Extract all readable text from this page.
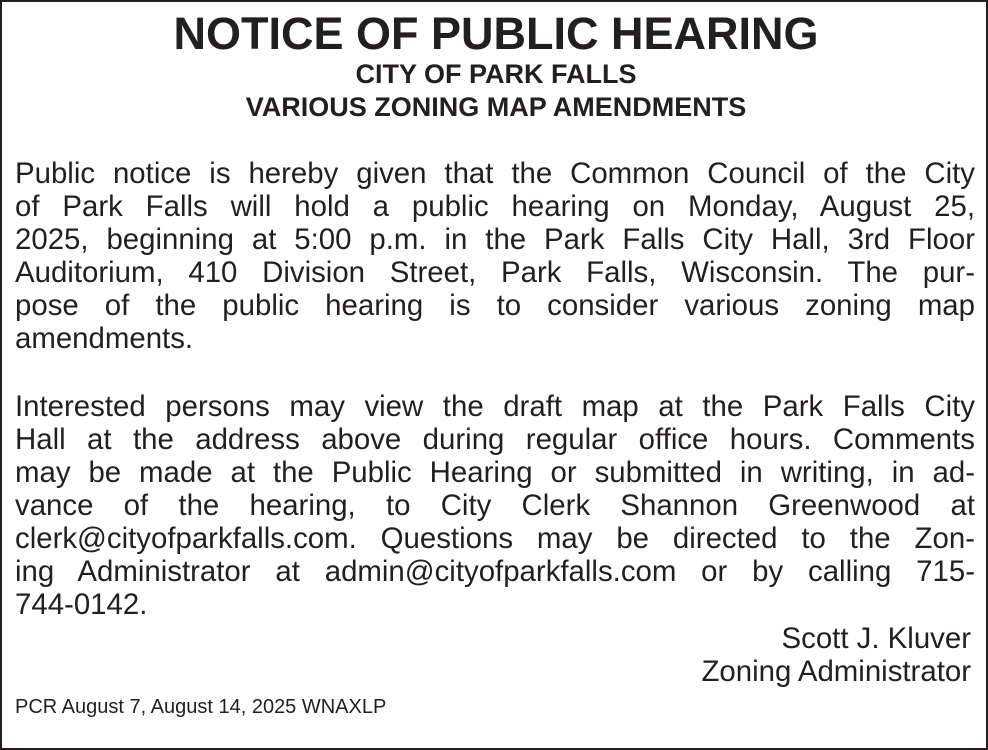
NOTICE OF PUBLIC HEARING
CITY OF PARK FALLS
VARIOUS ZONING MAP AMENDMENTS
Public notice is hereby given that the Common Council of the City
of Park Falls will hold a public hearing on Monday, August 25,
2025, beginning at 5:00 p.m. in the Park Falls City Hall, 3rd Floor
Auditorium, 410 Division Street, Park Falls, Wisconsin. The pur-
pose of the public hearing is to consider various zoning map
amendments.
Interested persons may view the draft map at the Park Falls City
Hall at the address above during regular office hours. Comments
may be made at the Public Hearing or submitted in writing, in ad-
vance of the hearing, to City Clerk Shannon Greenwood at
clerk@cityofparkfalls.com. Questions may be directed to the Zon-
ing Administrator at admin@cityofparkfalls.com or by calling 715-
744-0142.
Scott J. Kluver
Zoning Administrator
PCR August 7, August 14, 2025 WNAXLP
